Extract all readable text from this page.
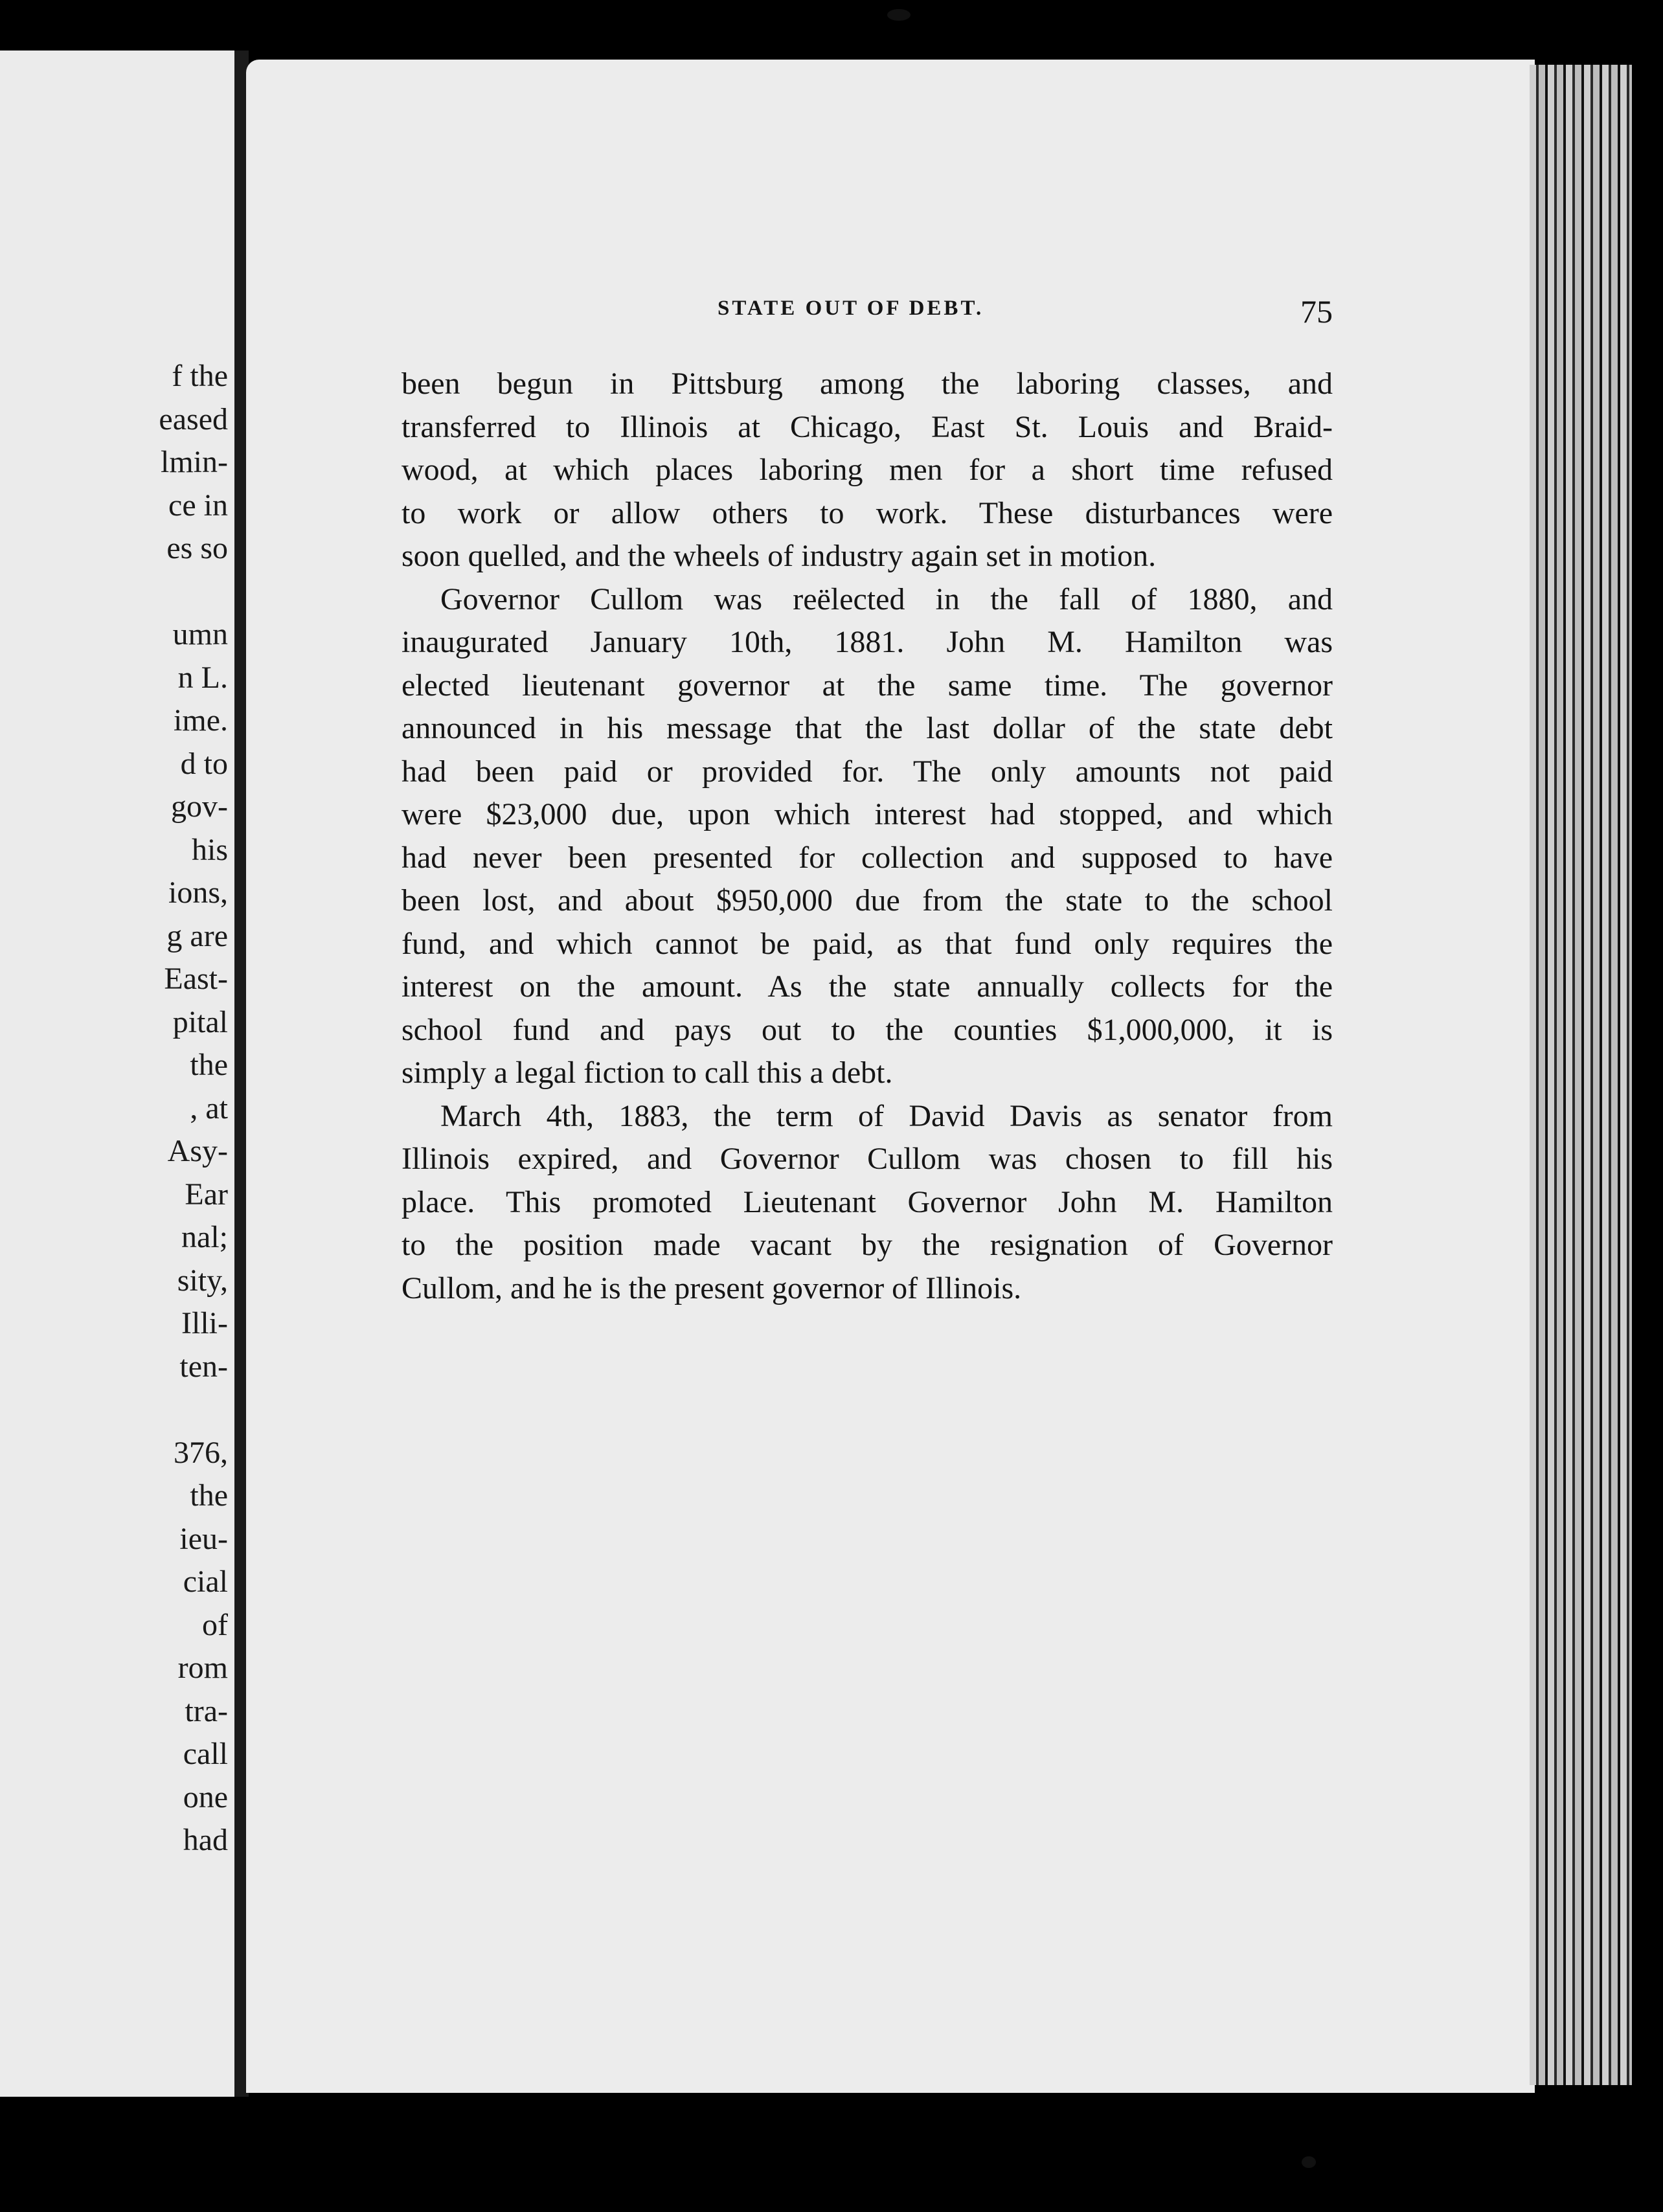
f the
eased
lmin-
ce in
es so
umn
n L.
ime.
d to
gov-
his
ions,
g are
East-
pital
the
, at
Asy-
Ear
nal;
sity,
Illi-
ten-
376,
the
ieu-
cial
of
rom
tra-
call
one
had
STATE OUT OF DEBT.	75
been begun in Pittsburg among the laboring classes, and
transferred to Illinois at Chicago, East St. Louis and Braid-
wood, at which places laboring men for a short time refused
to work or allow others to work. These disturbances were
soon quelled, and the wheels of industry again set in motion.
Governor Cullom was reëlected in the fall of 1880, and
inaugurated January 10th, 1881. John M. Hamilton was
elected lieutenant governor at the same time. The governor
announced in his message that the last dollar of the state debt
had been paid or provided for. The only amounts not paid
were $23,000 due, upon which interest had stopped, and which
had never been presented for collection and supposed to have
been lost, and about $950,000 due from the state to the school
fund, and which cannot be paid, as that fund only requires the
interest on the amount. As the state annually collects for the
school fund and pays out to the counties $1,000,000, it is
simply a legal fiction to call this a debt.
March 4th, 1883, the term of David Davis as senator from
Illinois expired, and Governor Cullom was chosen to fill his
place. This promoted Lieutenant Governor John M. Hamilton
to the position made vacant by the resignation of Governor
Cullom, and he is the present governor of Illinois.
